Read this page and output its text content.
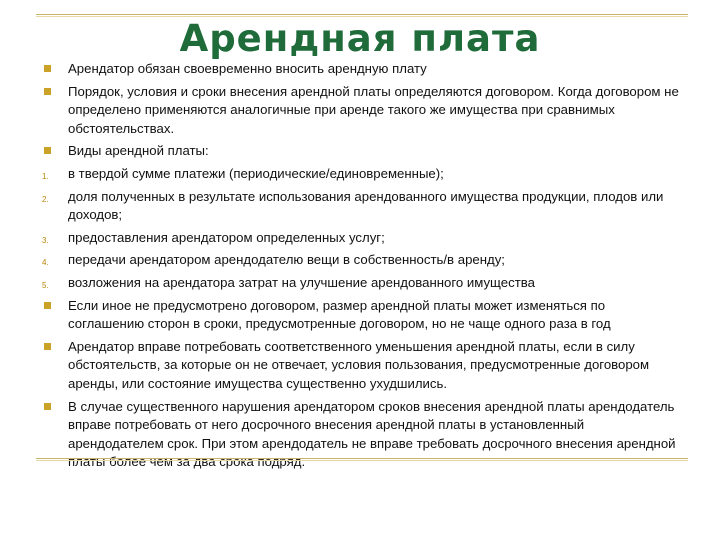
Арендная плата
Арендатор обязан своевременно вносить арендную плату
Порядок, условия и сроки внесения арендной платы определяются договором. Когда договором не определено применяются аналогичные при аренде такого же имущества при сравнимых обстоятельствах.
Виды арендной платы:
1. в твердой сумме платежи (периодические/единовременные);
2. доля полученных в результате использования арендованного имущества продукции, плодов или доходов;
3. предоставления арендатором определенных услуг;
4. передачи арендатором арендодателю вещи в собственность/в аренду;
5. возложения на арендатора затрат на улучшение арендованного имущества
Если иное не предусмотрено договором, размер арендной платы может изменяться по соглашению сторон в сроки, предусмотренные договором, но не чаще одного раза в год
Арендатор вправе потребовать соответственного уменьшения арендной платы, если в силу обстоятельств, за которые он не отвечает, условия пользования, предусмотренные договором аренды, или состояние имущества существенно ухудшились.
В случае существенного нарушения арендатором сроков внесения арендной платы арендодатель вправе потребовать от него досрочного внесения арендной платы в установленный арендодателем срок. При этом арендодатель не вправе требовать досрочного внесения арендной платы более чем за два срока подряд.
